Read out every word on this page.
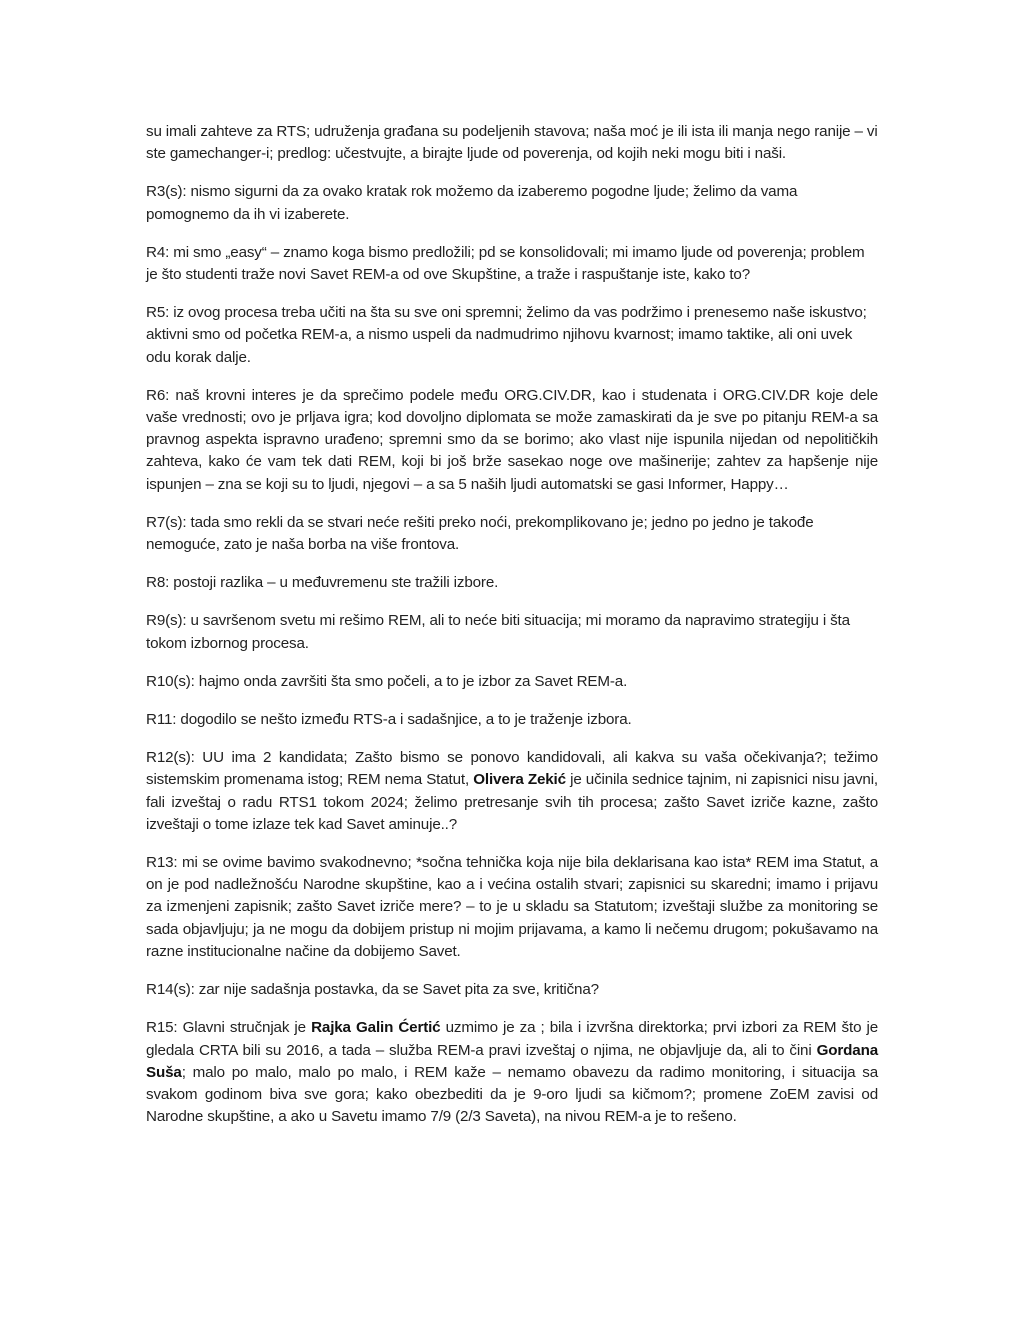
su imali zahteve za RTS; udruženja građana su podeljenih stavova; naša moć je ili ista ili manja nego ranije – vi ste gamechanger-i; predlog: učestvujte, a birajte ljude od poverenja, od kojih neki mogu biti i naši.

R3(s): nismo sigurni da za ovako kratak rok možemo da izaberemo pogodne ljude; želimo da vama pomognemo da ih vi izaberete.

R4: mi smo „easy“ – znamo koga bismo predložili; pd se konsolidovali; mi imamo ljude od poverenja; problem je što studenti traže novi Savet REM-a od ove Skupštine, a traže i raspuštanje iste, kako to?

R5: iz ovog procesa treba učiti na šta su sve oni spremni; želimo da vas podržimo i prenesemo naše iskustvo; aktivni smo od početka REM-a, a nismo uspeli da nadmudrimo njihovu kvarnost; imamo taktike, ali oni uvek odu korak dalje.

R6: naš krovni interes je da sprečimo podele među ORG.CIV.DR, kao i studenata i ORG.CIV.DR koje dele vaše vrednosti; ovo je prljava igra; kod dovoljno diplomata se može zamaskirati da je sve po pitanju REM-a sa pravnog aspekta ispravno urađeno; spremni smo da se borimo; ako vlast nije ispunila nijedan od nepolitičkih zahteva, kako će vam tek dati REM, koji bi još brže sasekao noge ove mašinerije; zahtev za hapšenje nije ispunjen – zna se koji su to ljudi, njegovi – a sa 5 naših ljudi automatski se gasi Informer, Happy…

R7(s): tada smo rekli da se stvari neće rešiti preko noći, prekomplikovano je; jedno po jedno je takođe nemoguće, zato je naša borba na više frontova.

R8: postoji razlika – u međuvremenu ste tražili izbore.

R9(s): u savršenom svetu mi rešimo REM, ali to neće biti situacija; mi moramo da napravimo strategiju i šta tokom izbornog procesa.

R10(s): hajmo onda završiti šta smo počeli, a to je izbor za Savet REM-a.

R11: dogodilo se nešto između RTS-a i sadašnjice, a to je traženje izbora.

R12(s): UU ima 2 kandidata; Zašto bismo se ponovo kandidovali, ali kakva su vaša očekivanja?; težimo sistemskim promenama istog; REM nema Statut, Olivera Zekić je učinila sednice tajnim, ni zapisnici nisu javni, fali izveštaj o radu RTS1 tokom 2024; želimo pretresanje svih tih procesa; zašto Savet izriče kazne, zašto izveštaji o tome izlaze tek kad Savet aminuje..?

R13: mi se ovime bavimo svakodnevno; *sočna tehnička koja nije bila deklarisana kao ista* REM ima Statut, a on je pod nadležnošću Narodne skupštine, kao a i većina ostalih stvari; zapisnici su skaredni; imamo i prijavu za izmenjeni zapisnik; zašto Savet izriče mere? – to je u skladu sa Statutom; izveštaji službe za monitoring se sada objavljuju; ja ne mogu da dobijem pristup ni mojim prijavama, a kamo li nečemu drugom; pokušavamo na razne institucionalne načine da dobijemo Savet.

R14(s): zar nije sadašnja postavka, da se Savet pita za sve, kritična?

R15: Glavni stručnjak je Rajka Galin Ćertić uzmimo je za ; bila i izvršna direktorka; prvi izbori za REM što je gledala CRTA bili su 2016, a tada – služba REM-a pravi izveštaj o njima, ne objavljuje da, ali to čini Gordana Suša; malo po malo, malo po malo, i REM kaže – nemamo obavezu da radimo monitoring, i situacija sa svakom godinom biva sve gora; kako obezbediti da je 9-oro ljudi sa kičmom?; promene ZoEM zavisi od Narodne skupštine, a ako u Savetu imamo 7/9 (2/3 Saveta), na nivou REM-a je to rešeno.
